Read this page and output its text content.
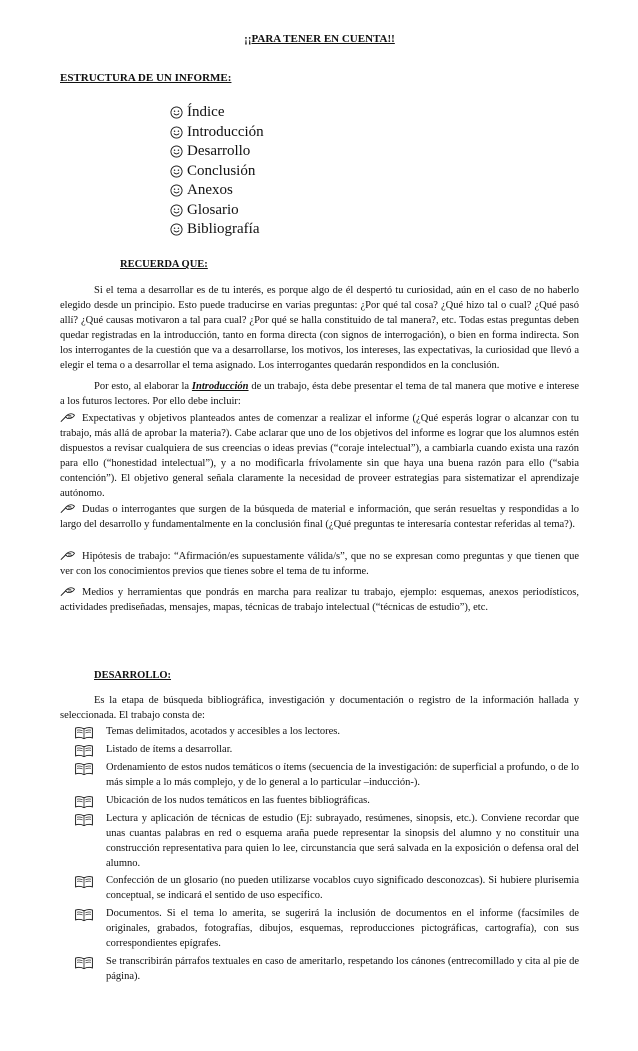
¡¡PARA TENER EN CUENTA!!
ESTRUCTURA DE UN INFORME:
Índice
Introducción
Desarrollo
Conclusión
Anexos
Glosario
Bibliografía
RECUERDA QUE:
Si el tema a desarrollar es de tu interés, es porque algo de él despertó tu curiosidad, aún en el caso de no haberlo elegido desde un principio. Esto puede traducirse en varias preguntas: ¿Por qué tal cosa? ¿Qué hizo tal o cual? ¿Qué pasó allí? ¿Qué causas motivaron a tal para cual? ¿Por qué se halla constituido de tal manera?, etc. Todas estas preguntas deben quedar registradas en la introducción, tanto en forma directa (con signos de interrogación), o bien en forma indirecta. Son los interrogantes de la cuestión que va a desarrollarse, los motivos, los intereses, las expectativas, la curiosidad que llevó a elegir el tema o a desarrollar el tema asignado. Los interrogantes quedarán respondidos en la conclusión.
Por esto, al elaborar la Introducción de un trabajo, ésta debe presentar el tema de tal manera que motive e interese a los futuros lectores. Por ello debe incluir:
Expectativas y objetivos planteados antes de comenzar a realizar el informe (¿Qué esperás lograr o alcanzar con tu trabajo, más allá de aprobar la materia?). Cabe aclarar que uno de los objetivos del informe es lograr que los alumnos estén dispuestos a revisar cualquiera de sus creencias o ideas previas (“coraje intelectual”), a cambiarla cuando exista una razón para ello (“honestidad intelectual”), y a no modificarla frívolamente sin que haya una buena razón para ello (“sabia contención”). El objetivo general señala claramente la necesidad de proveer estrategias para sistematizar el aprendizaje autónomo.
Dudas o interrogantes que surgen de la búsqueda de material e información, que serán resueltas y respondidas a lo largo del desarrollo y fundamentalmente en la conclusión final (¿Qué preguntas te interesaría contestar referidas al tema?).
Hipótesis de trabajo: “Afirmación/es supuestamente válida/s”, que no se expresan como preguntas y que tienen que ver con los conocimientos previos que tienes sobre el tema de tu informe.
Medios y herramientas que pondrás en marcha para realizar tu trabajo, ejemplo: esquemas, anexos periodísticos, actividades prediseñadas, mensajes, mapas, técnicas de trabajo intelectual (“técnicas de estudio”), etc.
DESARROLLO:
Es la etapa de búsqueda bibliográfica, investigación y documentación o registro de la información hallada y seleccionada. El trabajo consta de:
Temas delimitados, acotados y accesibles a los lectores.
Listado de ítems a desarrollar.
Ordenamiento de estos nudos temáticos o ítems (secuencia de la investigación: de superficial a profundo, o de lo más simple a lo más complejo, y de lo general a lo particular –inducción-).
Ubicación de los nudos temáticos en las fuentes bibliográficas.
Lectura y aplicación de técnicas de estudio (Ej: subrayado, resúmenes, sinopsis, etc.). Conviene recordar que unas cuantas palabras en red o esquema araña puede representar la sinopsis del alumno y no constituir una construcción representativa para quien lo lee, circunstancia que será salvada en la exposición o defensa oral del alumno.
Confección de un glosario (no pueden utilizarse vocablos cuyo significado desconozcas). Si hubiere plurisemia conceptual, se indicará el sentido de uso específico.
Documentos. Si el tema lo amerita, se sugerirá la inclusión de documentos en el informe (facsímiles de originales, grabados, fotografías, dibujos, esquemas, reproducciones pictográficas, cartografía), con sus correspondientes epígrafes.
Se transcribirán párrafos textuales en caso de ameritarlo, respetando los cánones (entrecomillado y cita al pie de página).
